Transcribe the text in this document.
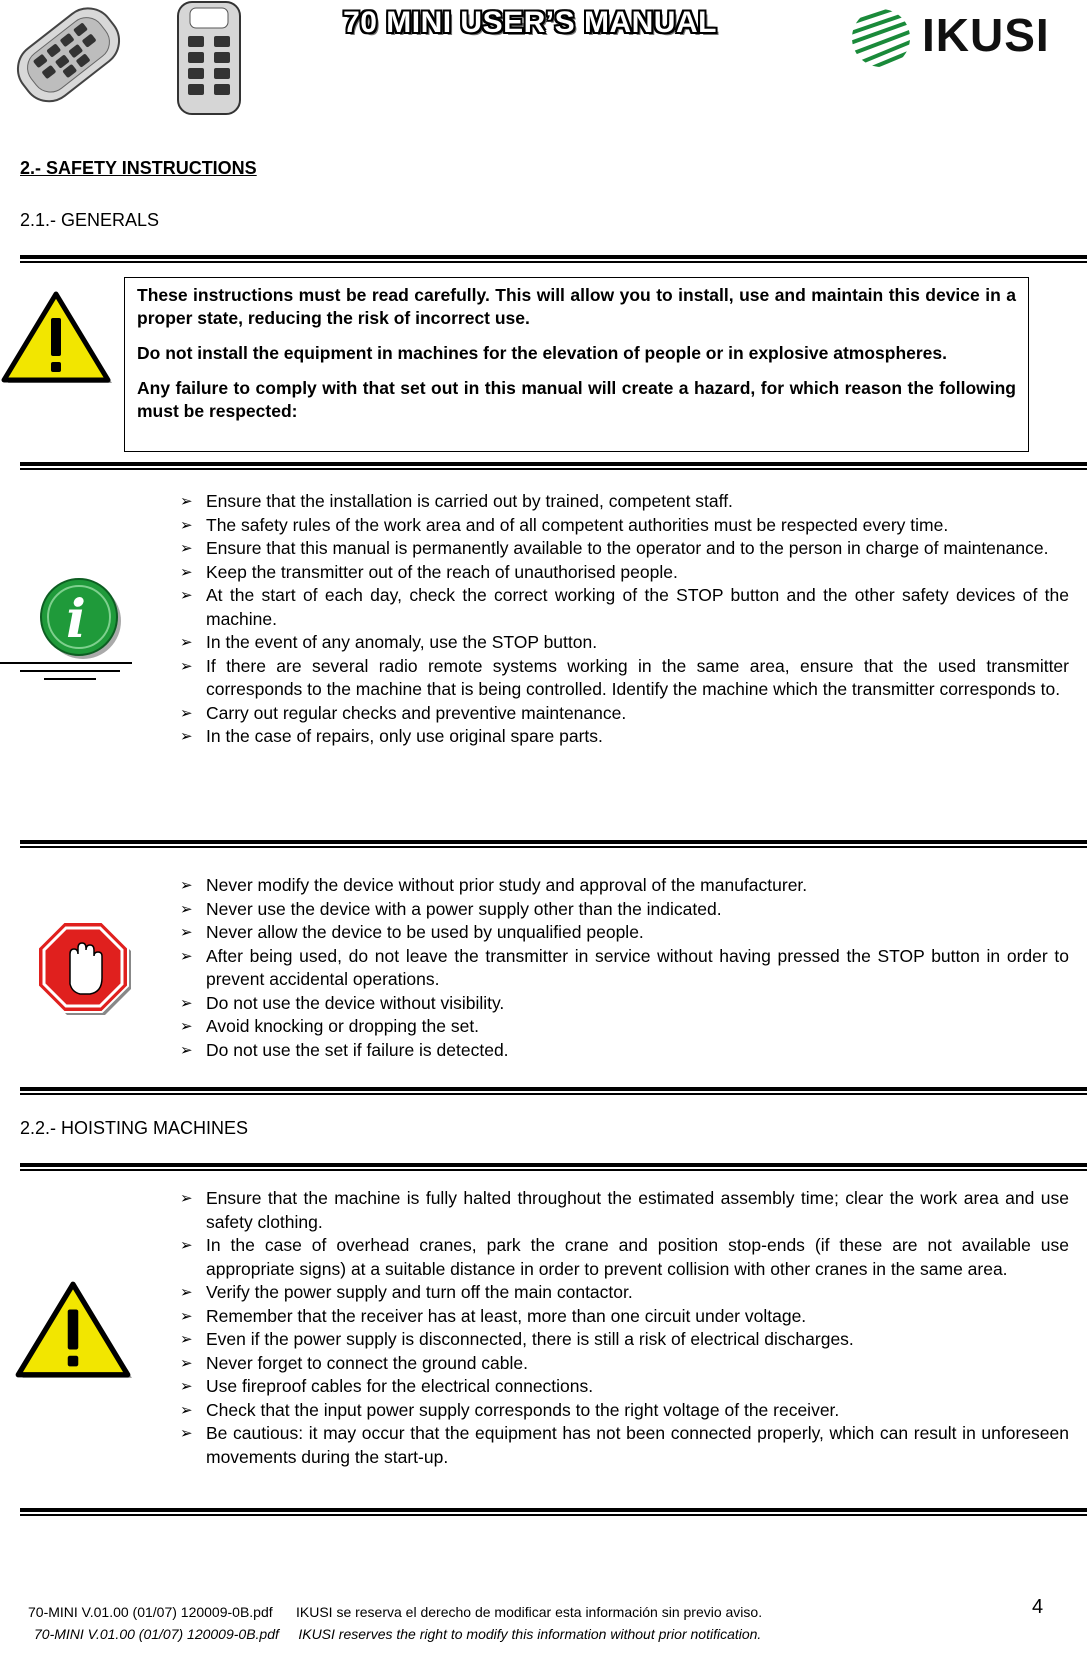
70 MINI USER’S MANUAL	IKUSI
2.- SAFETY INSTRUCTIONS
2.1.- GENERALS

These instructions must be read carefully. This will allow you to install, use and maintain this device in a proper state, reducing the risk of incorrect use.

Do not install the equipment in machines for the elevation of people or in explosive atmospheres.

Any failure to comply with that set out in this manual will create a hazard, for which reason the following must be respected:

i
➢ Ensure that the installation is carried out by trained, competent staff.
➢ The safety rules of the work area and of all competent authorities must be respected every time.
➢ Ensure that this manual is permanently available to the operator and to the person in charge of maintenance.
➢ Keep the transmitter out of the reach of unauthorised people.
➢ At the start of each day, check the correct working of the STOP button and the other safety devices of the machine.
➢ In the event of any anomaly, use the STOP button.
➢ If there are several radio remote systems working in the same area, ensure that the used transmitter corresponds to the machine that is being controlled. Identify the machine which the transmitter corresponds to.
➢ Carry out regular checks and preventive maintenance.
➢ In the case of repairs, only use original spare parts.
➢ Never modify the device without prior study and approval of the manufacturer.
➢ Never use the device with a power supply other than the indicated.
➢ Never allow the device to be used by unqualified people.
➢ After being used, do not leave the transmitter in service without having pressed the STOP button in order to prevent accidental operations.
➢ Do not use the device without visibility.
➢ Avoid knocking or dropping the set.
➢ Do not use the set if failure is detected.
2.2.- HOISTING MACHINES
➢ Ensure that the machine is fully halted throughout the estimated assembly time; clear the work area and use safety clothing.
➢ In the case of overhead cranes, park the crane and position stop-ends (if these are not available use appropriate signs) at a suitable distance in order to prevent collision with other cranes in the same area.
➢ Verify the power supply and turn off the main contactor.
➢ Remember that the receiver has at least, more than one circuit under voltage.
➢ Even if the power supply is disconnected, there is still a risk of electrical discharges.
➢ Never forget to connect the ground cable.
➢ Use fireproof cables for the electrical connections.
➢ Check that the input power supply corresponds to the right voltage of the receiver.
➢ Be cautious: it may occur that the equipment has not been connected properly, which can result in unforeseen movements during the start-up.
70-MINI V.01.00 (01/07) 120009-0B.pdf      IKUSI se reserva el derecho de modificar esta información sin previo aviso.
70-MINI V.01.00 (01/07) 120009-0B.pdf     IKUSI reserves the right to modify this information without prior notification.
4
